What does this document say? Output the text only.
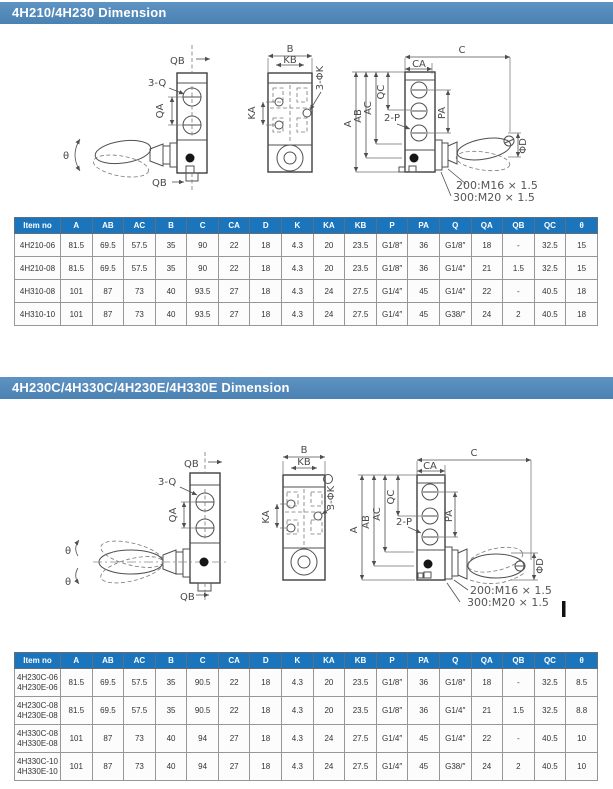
4H210/4H230 Dimension
QB
3-Q
QA
θ
QB
B
KB
3-ΦK
KA
C
CA
A
AB
AC
QC
PA
2-P
ΦD
200:M16 × 1.5
300:M20 × 1.5
Item no	A	AB	AC	B	C	CA	D	K	KA	KB	P	PA	Q	QA	QB	QC	θ
4H210-06	81.5	69.5	57.5	35	90	22	18	4.3	20	23.5	G1/8″	36	G1/8″	18	-	32.5	15
4H210-08	81.5	69.5	57.5	35	90	22	18	4.3	20	23.5	G1/8″	36	G1/4″	21	1.5	32.5	15
4H310-08	101	87	73	40	93.5	27	18	4.3	24	27.5	G1/4″	45	G1/4″	22	-	40.5	18
4H310-10	101	87	73	40	93.5	27	18	4.3	24	27.5	G1/4″	45	G38/″	24	2	40.5	18
4H230C/4H330C/4H230E/4H330E Dimension
QB
3-Q
QA
θ
θ
QB
B
KB
3-ΦK
KA
C
CA
A
AB
AC
QC
PA
2-P
ΦD
200:M16 × 1.5
300:M20 × 1.5
Item no	A	AB	AC	B	C	CA	D	K	KA	KB	P	PA	Q	QA	QB	QC	θ

4H230C-06
4H230E-06	81.5	69.5	57.5	35	90.5	22	18	4.3	20	23.5	G1/8″	36	G1/8″	18	-	32.5	8.5

4H230C-08
4H230E-08	81.5	69.5	57.5	35	90.5	22	18	4.3	20	23.5	G1/8″	36	G1/4″	21	1.5	32.5	8.8

4H330C-08
4H330E-08	101	87	73	40	94	27	18	4.3	24	27.5	G1/4″	45	G1/4″	22	-	40.5	10

4H330C-10
4H330E-10	101	87	73	40	94	27	18	4.3	24	27.5	G1/4″	45	G38/″	24	2	40.5	10
